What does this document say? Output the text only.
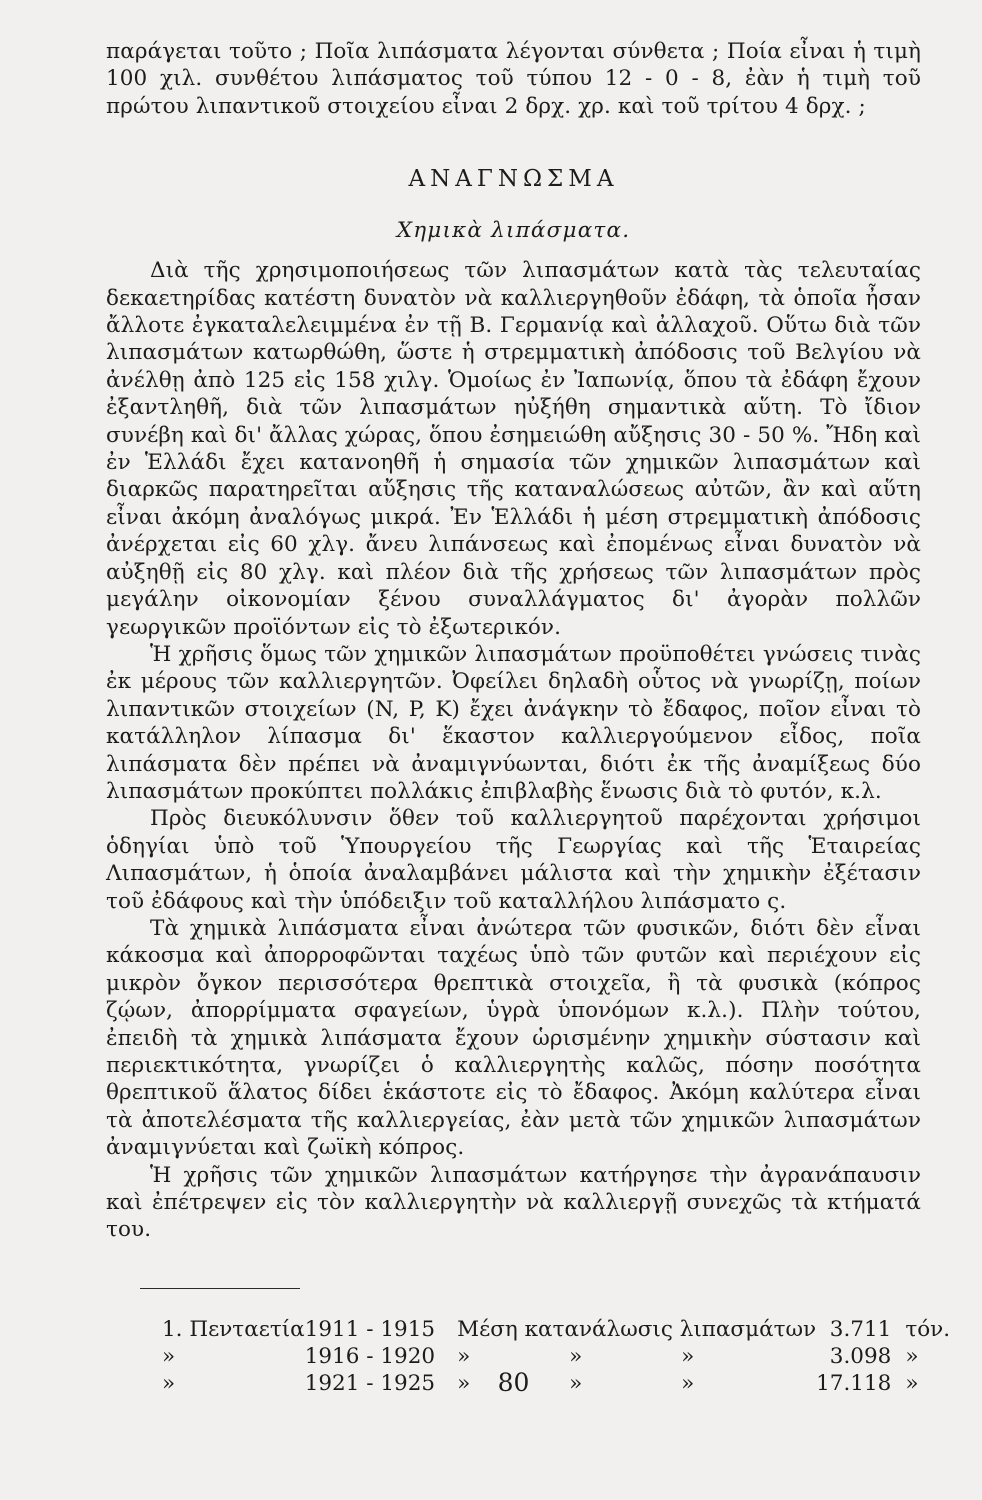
παράγεται τοῦτο ; Ποῖα λιπάσματα λέγονται σύνθετα ; Ποία εἶναι ἡ τιμὴ 100 χιλ. συνθέτου λιπάσματος τοῦ τύπου 12 - 0 - 8, ἐὰν ἡ τιμὴ τοῦ πρώτου λιπαντικοῦ στοιχείου εἶναι 2 δρχ. χρ. καὶ τοῦ τρίτου 4 δρχ. ;

ΑΝΑΓΝΩΣΜΑ
Χημικὰ λιπάσματα.

Διὰ τῆς χρησιμοποιήσεως τῶν λιπασμάτων κατὰ τὰς τελευταίας δεκαετηρίδας κατέστη δυνατὸν νὰ καλλιεργηθοῦν ἐδάφη, τὰ ὁποῖα ἦσαν ἄλλοτε ἐγκαταλελειμμένα ἐν τῇ Β. Γερμανίᾳ καὶ ἀλλαχοῦ. Οὕτω διὰ τῶν λιπασμάτων κατωρθώθη, ὥστε ἡ στρεμματικὴ ἀπόδοσις τοῦ Βελγίου νὰ ἀνέλθῃ ἀπὸ 125 εἰς 158 χιλγ. Ὁμοίως ἐν Ἰαπωνίᾳ, ὅπου τὰ ἐδάφη ἔχουν ἐξαντληθῆ, διὰ τῶν λιπασμάτων ηὐξήθη σημαντικὰ αὕτη. Τὸ ἴδιον συνέβη καὶ δι' ἄλλας χώρας, ὅπου ἐσημειώθη αὔξησις 30 - 50 %. Ἤδη καὶ ἐν Ἑλλάδι ἔχει κατανοηθῆ ἡ σημασία τῶν χημικῶν λιπασμάτων καὶ διαρκῶς παρατηρεῖται αὔξησις τῆς καταναλώσεως αὐτῶν, ἂν καὶ αὕτη εἶναι ἀκόμη ἀναλόγως μικρά. Ἐν Ἑλλάδι ἡ μέση στρεμματικὴ ἀπόδοσις ἀνέρχεται εἰς 60 χλγ. ἄνευ λιπάνσεως καὶ ἐπομένως εἶναι δυνατὸν νὰ αὐξηθῇ εἰς 80 χλγ. καὶ πλέον διὰ τῆς χρήσεως τῶν λιπασμάτων πρὸς μεγάλην οἰκονομίαν ξένου συναλλάγματος δι' ἀγορὰν πολλῶν γεωργικῶν προϊόντων εἰς τὸ ἐξωτερικόν.

Ἡ χρῆσις ὅμως τῶν χημικῶν λιπασμάτων προϋποθέτει γνώσεις τινὰς ἐκ μέρους τῶν καλλιεργητῶν. Ὀφείλει δηλαδὴ οὗτος νὰ γνωρίζῃ, ποίων λιπαντικῶν στοιχείων (N, P, K) ἔχει ἀνάγκην τὸ ἔδαφος, ποῖον εἶναι τὸ κατάλληλον λίπασμα δι' ἕκαστον καλλιεργούμενον εἶδος, ποῖα λιπάσματα δὲν πρέπει νὰ ἀναμιγνύωνται, διότι ἐκ τῆς ἀναμίξεως δύο λιπασμάτων προκύπτει πολλάκις ἐπιβλαβὴς ἕνωσις διὰ τὸ φυτόν, κ.λ.

Πρὸς διευκόλυνσιν ὅθεν τοῦ καλλιεργητοῦ παρέχονται χρήσιμοι ὁδηγίαι ὑπὸ τοῦ Ὑπουργείου τῆς Γεωργίας καὶ τῆς Ἑταιρείας Λιπασμάτων, ἡ ὁποία ἀναλαμβάνει μάλιστα καὶ τὴν χημικὴν ἐξέτασιν τοῦ ἐδάφους καὶ τὴν ὑπόδειξιν τοῦ καταλλήλου λιπάσματο ς.

Τὰ χημικὰ λιπάσματα εἶναι ἀνώτερα τῶν φυσικῶν, διότι δὲν εἶναι κάκοσμα καὶ ἀπορροφῶνται ταχέως ὑπὸ τῶν φυτῶν καὶ περιέχουν εἰς μικρὸν ὄγκον περισσότερα θρεπτικὰ στοιχεῖα, ἢ τὰ φυσικὰ (κόπρος ζῴων, ἀπορρίμματα σφαγείων, ὑγρὰ ὑπονόμων κ.λ.). Πλὴν τούτου, ἐπειδὴ τὰ χημικὰ λιπάσματα ἔχουν ὡρισμένην χημικὴν σύστασιν καὶ περιεκτικότητα, γνωρίζει ὁ καλλιεργητὴς καλῶς, πόσην ποσότητα θρεπτικοῦ ἅλατος δίδει ἑκάστοτε εἰς τὸ ἔδαφος. Ἀκόμη καλύτερα εἶναι τὰ ἀποτελέσματα τῆς καλλιεργείας, ἐὰν μετὰ τῶν χημικῶν λιπασμάτων ἀναμιγνύεται καὶ ζωϊκὴ κόπρος.

Ἡ χρῆσις τῶν χημικῶν λιπασμάτων κατήργησε τὴν ἀγρανάπαυσιν καὶ ἐπέτρεψεν εἰς τὸν καλλιεργητὴν νὰ καλλιεργῇ συνεχῶς τὰ κτήματά του.

1. Πενταετία	1911 - 1915	Μέση κατανάλωσις λιπασμάτων	3.711	τόν.
»	1916 - 1920	» » »	3.098	»
»	1921 - 1925	» » »	17.118	»
80
